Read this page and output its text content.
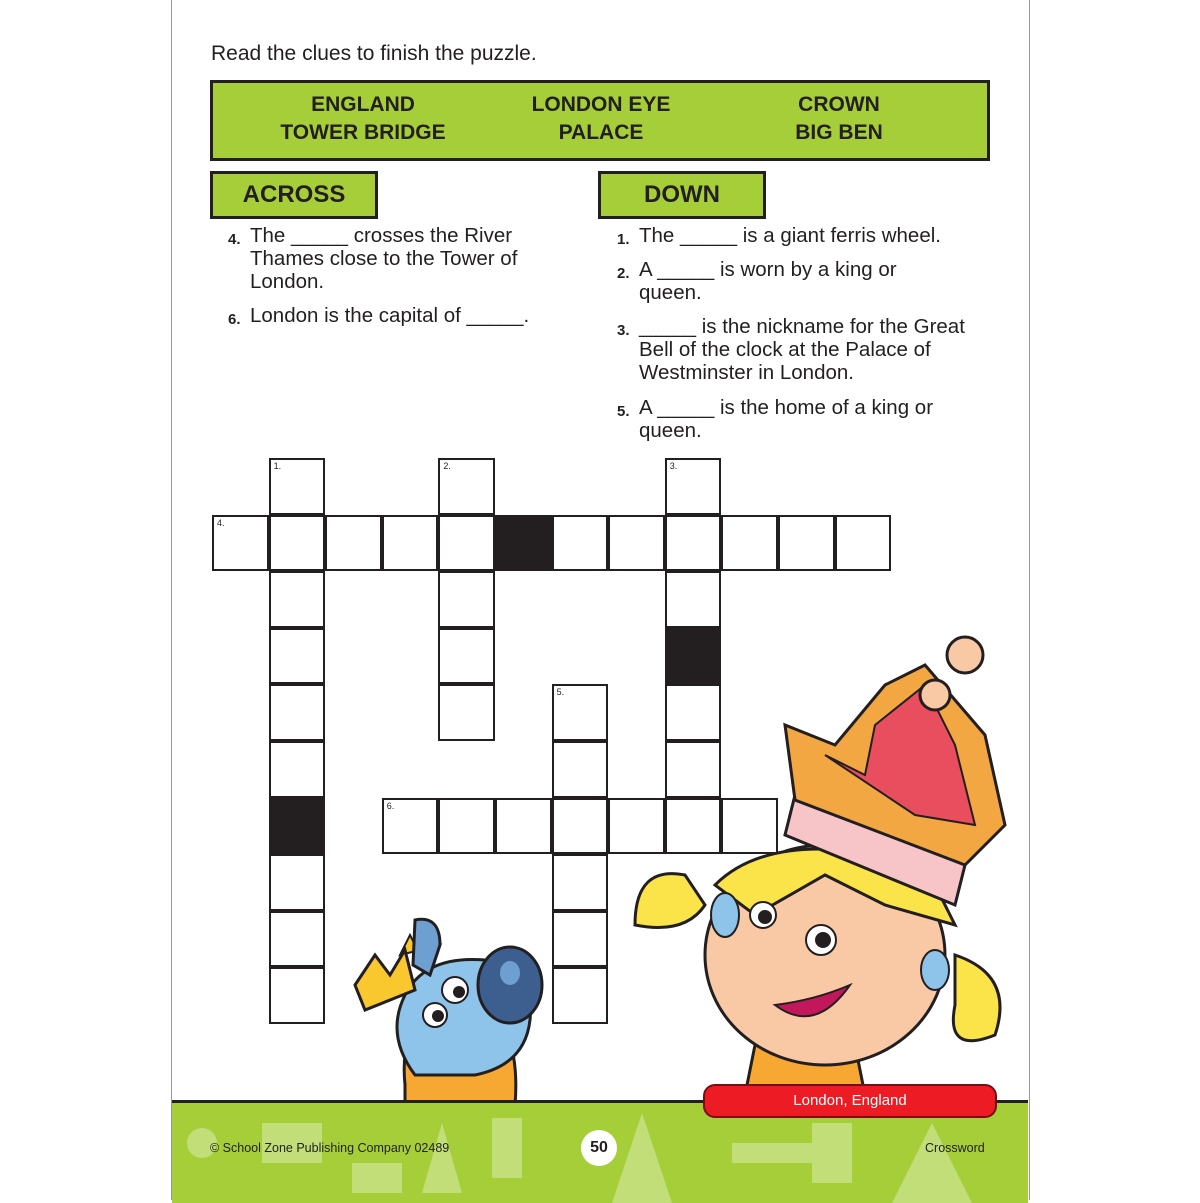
Read the clues to finish the puzzle.
ENGLAND
TOWER BRIDGE
LONDON EYE
PALACE
CROWN
BIG BEN
ACROSS	DOWN
4. The _____ crosses the River Thames close to the Tower of London.
6. London is the capital of _____.
1. The _____ is a giant ferris wheel.
2. A _____ is worn by a king or queen.
3. _____ is the nickname for the Great Bell of the clock at the Palace of Westminster in London.
5. A _____ is the home of a king or queen.
4.
1.	2.	3.
5.
6.
London, England
© School Zone Publishing Company 02489	50	Crossword
